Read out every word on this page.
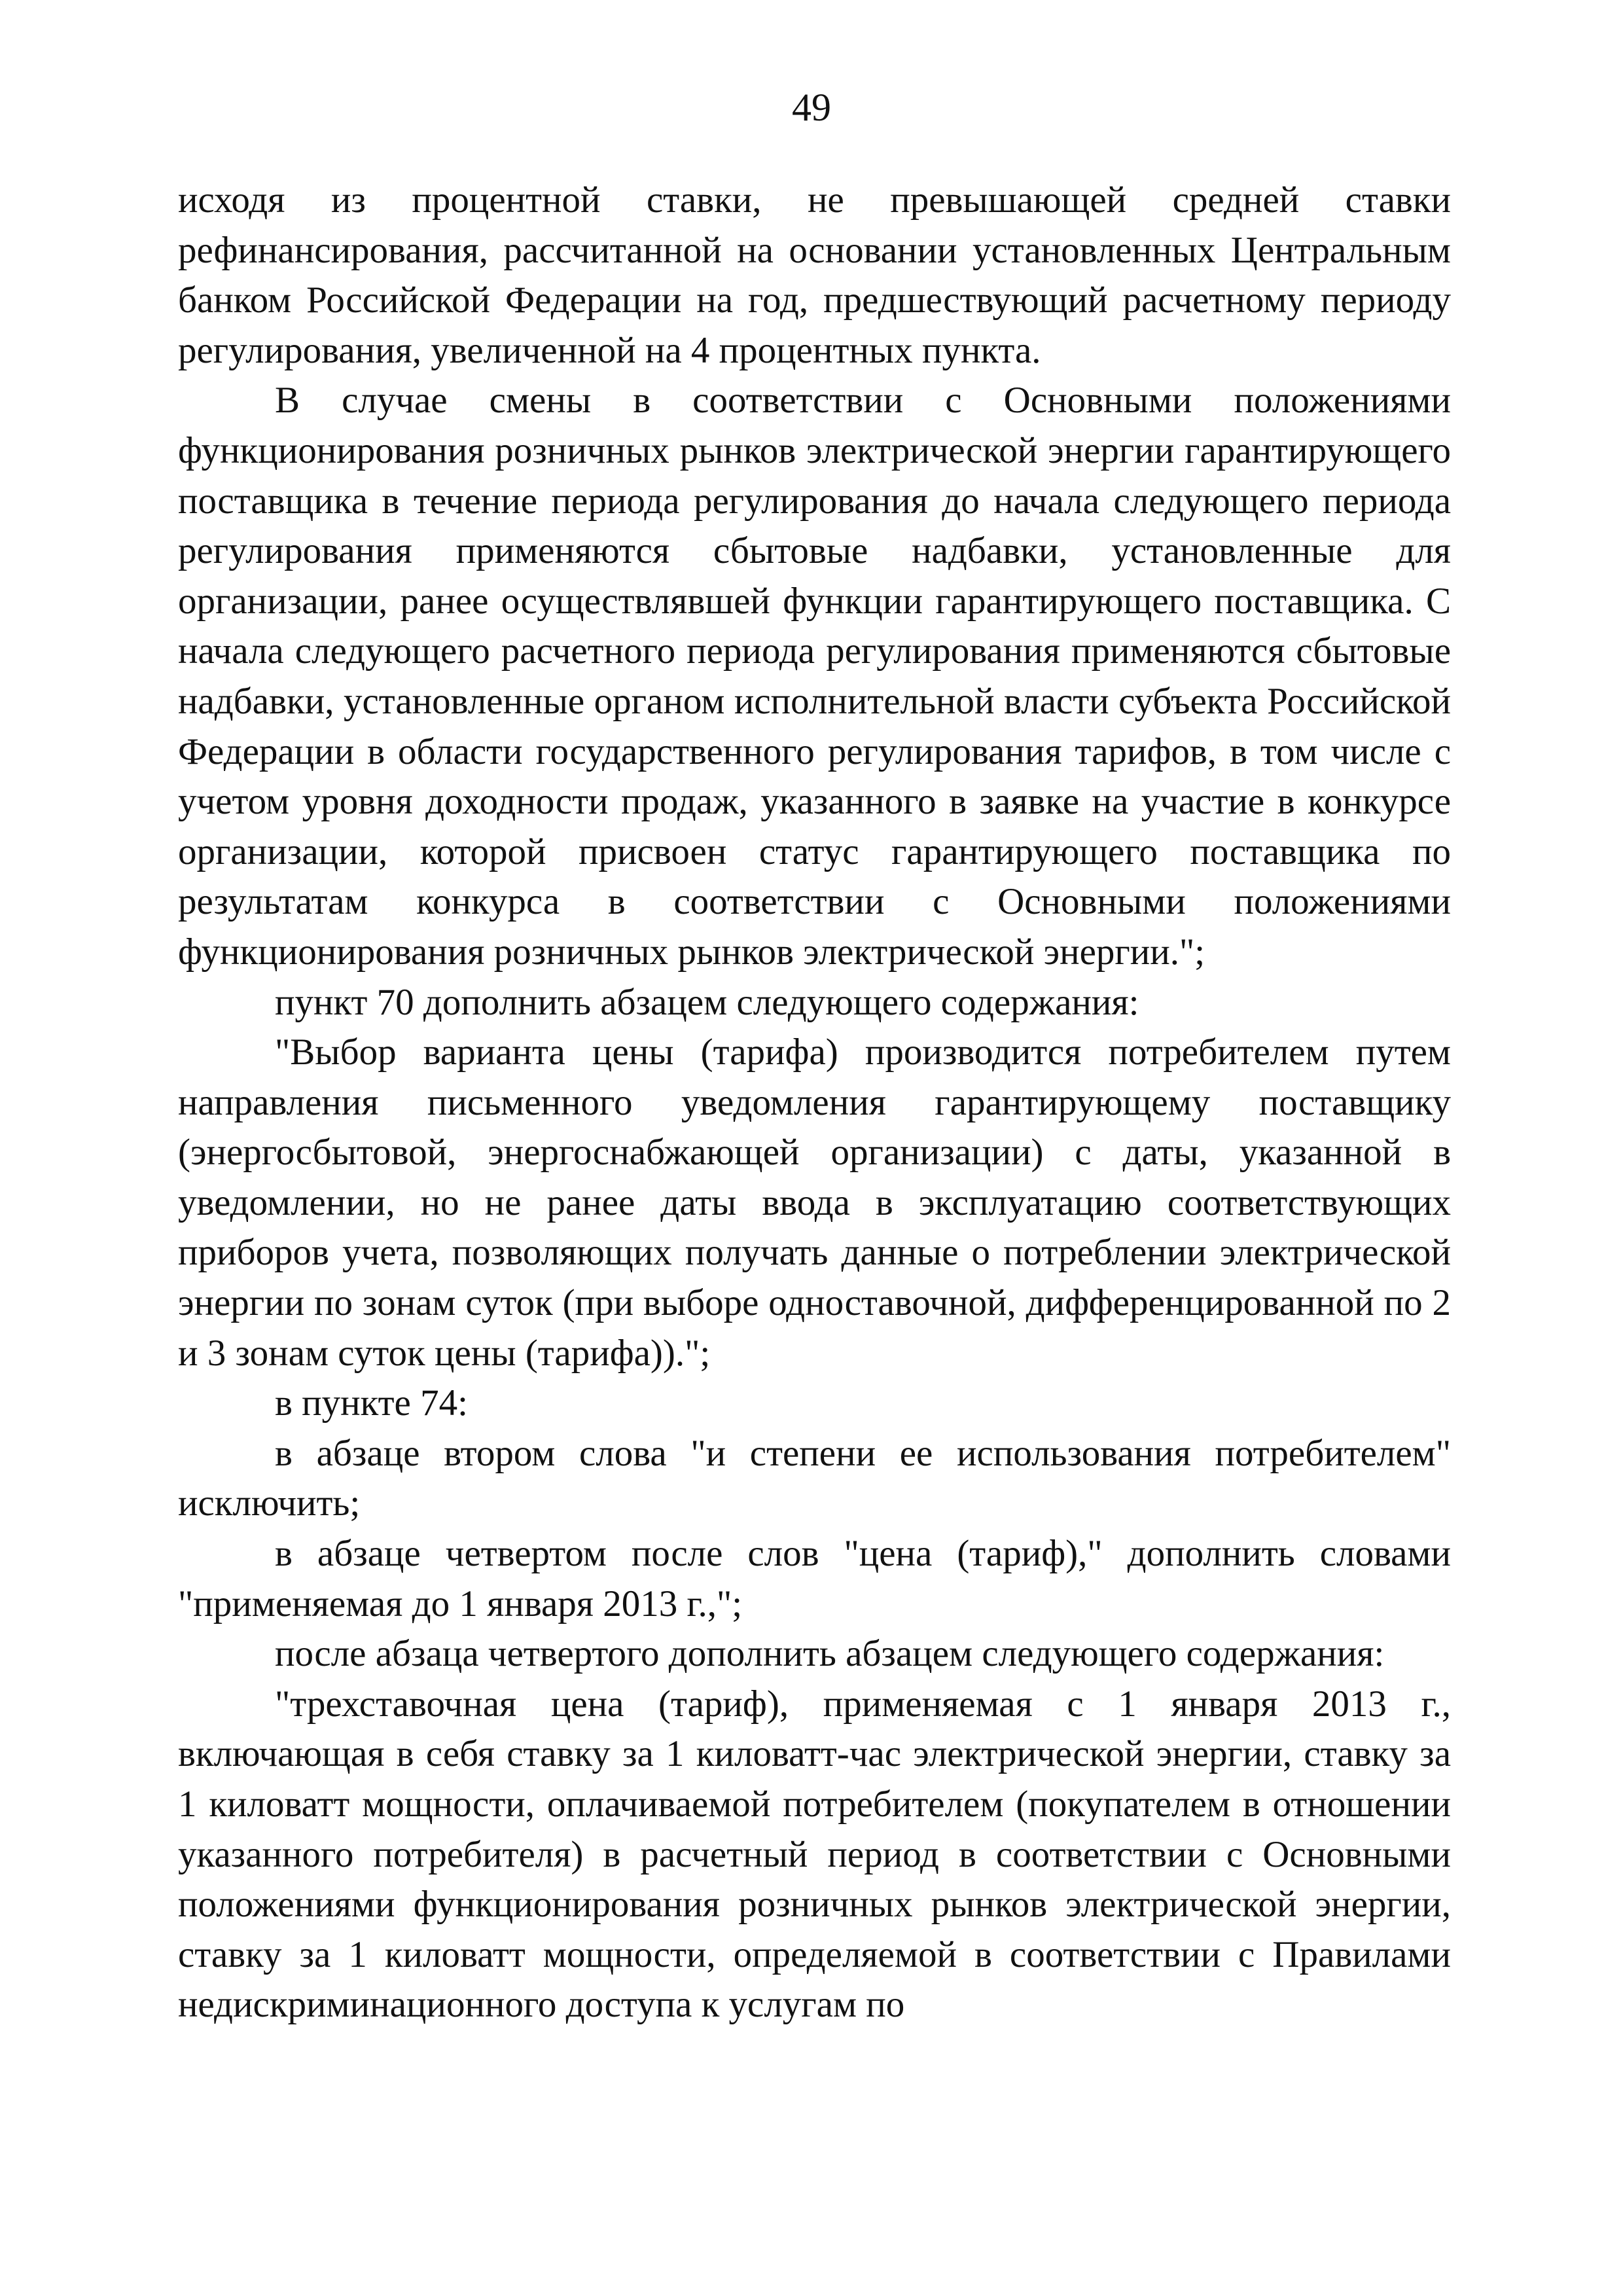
49

исходя из процентной ставки, не превышающей средней ставки рефинансирования, рассчитанной на основании установленных Центральным банком Российской Федерации на год, предшествующий расчетному периоду регулирования, увеличенной на 4 процентных пункта.

В случае смены в соответствии с Основными положениями функционирования розничных рынков электрической энергии гарантирующего поставщика в течение периода регулирования до начала следующего периода регулирования применяются сбытовые надбавки, установленные для организации, ранее осуществлявшей функции гарантирующего поставщика. С начала следующего расчетного периода регулирования применяются сбытовые надбавки, установленные органом исполнительной власти субъекта Российской Федерации в области государственного регулирования тарифов, в том числе с учетом уровня доходности продаж, указанного в заявке на участие в конкурсе организации, которой присвоен статус гарантирующего поставщика по результатам конкурса в соответствии с Основными положениями функционирования розничных рынков электрической энергии.";

пункт 70 дополнить абзацем следующего содержания:

"Выбор варианта цены (тарифа) производится потребителем путем направления письменного уведомления гарантирующему поставщику (энергосбытовой, энергоснабжающей организации) с даты, указанной в уведомлении, но не ранее даты ввода в эксплуатацию соответствующих приборов учета, позволяющих получать данные о потреблении электрической энергии по зонам суток (при выборе одноставочной, дифференцированной по 2 и 3 зонам суток цены (тарифа)).";

в пункте 74:

в абзаце втором слова "и степени ее использования потребителем" исключить;

в абзаце четвертом после слов "цена (тариф)," дополнить словами "применяемая до 1 января 2013 г.,";

после абзаца четвертого дополнить абзацем следующего содержания:

"трехставочная цена (тариф), применяемая с 1 января 2013 г., включающая в себя ставку за 1 киловатт-час электрической энергии, ставку за 1 киловатт мощности, оплачиваемой потребителем (покупателем в отношении указанного потребителя) в расчетный период в соответствии с Основными положениями функционирования розничных рынков электрической энергии, ставку за 1 киловатт мощности, определяемой в соответствии с Правилами недискриминационного доступа к услугам по
